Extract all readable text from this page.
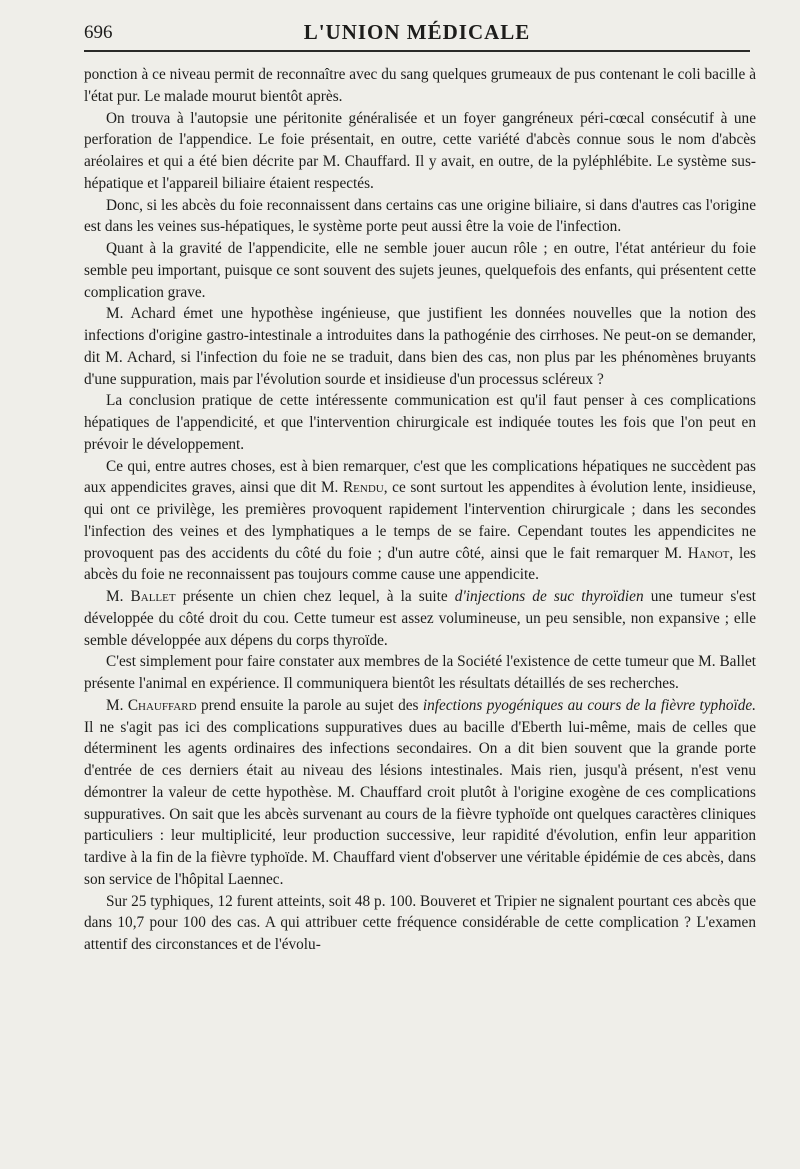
696	L'UNION MÉDICALE

ponction à ce niveau permit de reconnaître avec du sang quelques grumeaux de pus contenant le coli bacille à l'état pur. Le malade mourut bientôt après.

On trouva à l'autopsie une péritonite généralisée et un foyer gangréneux péri-cœcal consécutif à une perforation de l'appendice. Le foie présentait, en outre, cette variété d'abcès connue sous le nom d'abcès aréolaires et qui a été bien décrite par M. Chauffard. Il y avait, en outre, de la pyléphlébite. Le système sus-hépatique et l'appareil biliaire étaient respectés.

Donc, si les abcès du foie reconnaissent dans certains cas une origine biliaire, si dans d'autres cas l'origine est dans les veines sus-hépatiques, le système porte peut aussi être la voie de l'infection.

Quant à la gravité de l'appendicite, elle ne semble jouer aucun rôle ; en outre, l'état antérieur du foie semble peu important, puisque ce sont souvent des sujets jeunes, quelquefois des enfants, qui présentent cette complication grave.

M. Achard émet une hypothèse ingénieuse, que justifient les données nouvelles que la notion des infections d'origine gastro-intestinale a introduites dans la pathogénie des cirrhoses. Ne peut-on se demander, dit M. Achard, si l'infection du foie ne se traduit, dans bien des cas, non plus par les phénomènes bruyants d'une suppuration, mais par l'évolution sourde et insidieuse d'un processus scléreux ?

La conclusion pratique de cette intéressente communication est qu'il faut penser à ces complications hépatiques de l'appendicité, et que l'intervention chirurgicale est indiquée toutes les fois que l'on peut en prévoir le développement.

Ce qui, entre autres choses, est à bien remarquer, c'est que les complications hépatiques ne succèdent pas aux appendicites graves, ainsi que dit M. Rendu, ce sont surtout les appendites à évolution lente, insidieuse, qui ont ce privilège, les premières provoquent rapidement l'intervention chirurgicale ; dans les secondes l'infection des veines et des lymphatiques a le temps de se faire. Cependant toutes les appendicites ne provoquent pas des accidents du côté du foie ; d'un autre côté, ainsi que le fait remarquer M. Hanot, les abcès du foie ne reconnaissent pas toujours comme cause une appendicite.

M. Ballet présente un chien chez lequel, à la suite d'injections de suc thyroïdien une tumeur s'est développée du côté droit du cou. Cette tumeur est assez volumineuse, un peu sensible, non expansive ; elle semble développée aux dépens du corps thyroïde.

C'est simplement pour faire constater aux membres de la Société l'existence de cette tumeur que M. Ballet présente l'animal en expérience. Il communiquera bientôt les résultats détaillés de ses recherches.

M. Chauffard prend ensuite la parole au sujet des infections pyogéniques au cours de la fièvre typhoïde. Il ne s'agit pas ici des complications suppuratives dues au bacille d'Eberth lui-même, mais de celles que déterminent les agents ordinaires des infections secondaires. On a dit bien souvent que la grande porte d'entrée de ces derniers était au niveau des lésions intestinales. Mais rien, jusqu'à présent, n'est venu démontrer la valeur de cette hypothèse. M. Chauffard croit plutôt à l'origine exogène de ces complications suppuratives. On sait que les abcès survenant au cours de la fièvre typhoïde ont quelques caractères cliniques particuliers : leur multiplicité, leur production successive, leur rapidité d'évolution, enfin leur apparition tardive à la fin de la fièvre typhoïde. M. Chauffard vient d'observer une véritable épidémie de ces abcès, dans son service de l'hôpital Laennec.

Sur 25 typhiques, 12 furent atteints, soit 48 p. 100. Bouveret et Tripier ne signalent pourtant ces abcès que dans 10,7 pour 100 des cas. A qui attribuer cette fréquence considérable de cette complication ? L'examen attentif des circonstances et de l'évolu-
